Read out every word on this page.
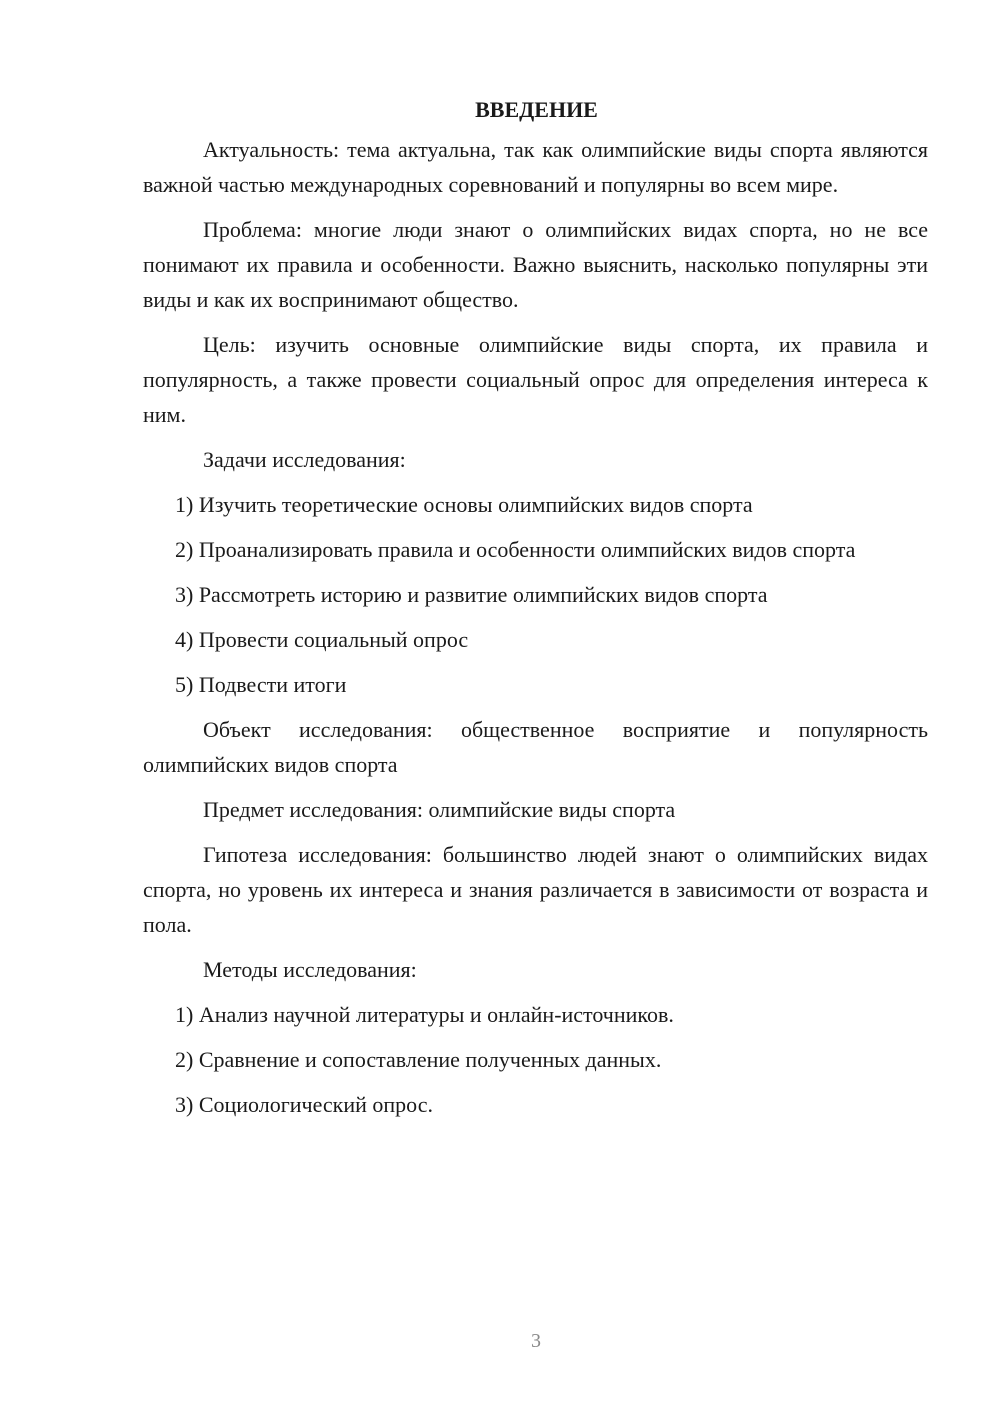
ВВЕДЕНИЕ

Актуальность: тема актуальна, так как олимпийские виды спорта являются важной частью международных соревнований и популярны во всем мире.

Проблема: многие люди знают о олимпийских видах спорта, но не все понимают их правила и особенности. Важно выяснить, насколько популярны эти виды и как их воспринимают общество.

Цель: изучить основные олимпийские виды спорта, их правила и популярность, а также провести социальный опрос для определения интереса к ним.

Задачи исследования:

1) Изучить теоретические основы олимпийских видов спорта

2) Проанализировать правила и особенности олимпийских видов спорта

3) Рассмотреть историю и развитие олимпийских видов спорта

4) Провести социальный опрос

5) Подвести итоги

Объект исследования: общественное восприятие и популярность олимпийских видов спорта

Предмет исследования: олимпийские виды спорта

Гипотеза исследования: большинство людей знают о олимпийских видах спорта, но уровень их интереса и знания различается в зависимости от возраста и пола.

Методы исследования:

1) Анализ научной литературы и онлайн-источников.

2) Сравнение и сопоставление полученных данных.

3) Социологический опрос.

3
